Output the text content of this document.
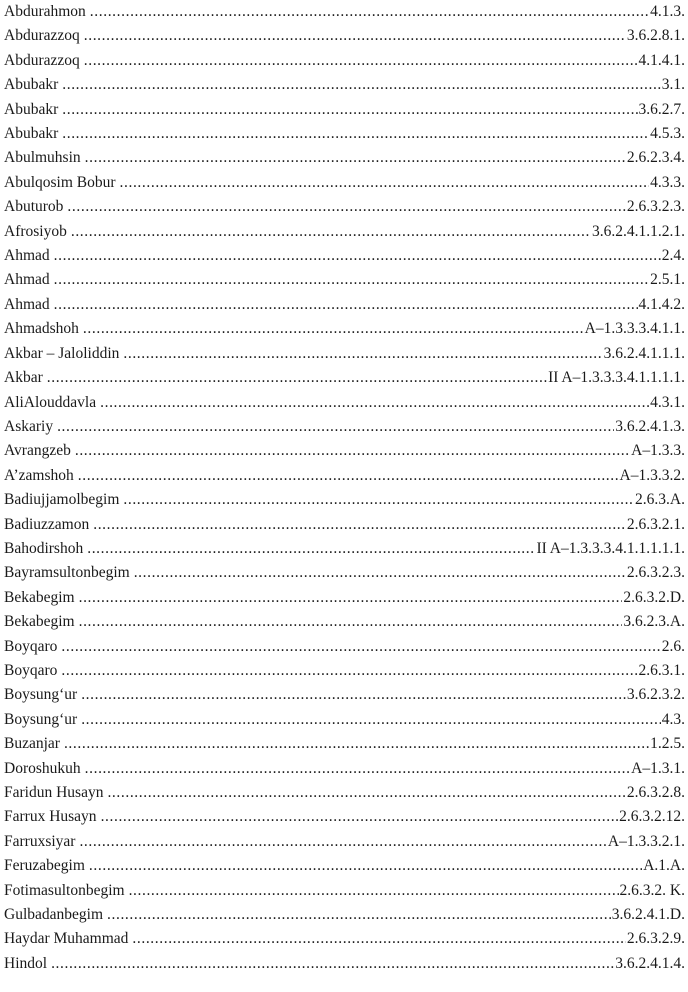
Abdurahmon .....	4.1.3.
Abdurazzoq .....	3.6.2.8.1.
Abdurazzoq .....	4.1.4.1.
Abubakr .....	3.1.
Abubakr .....	3.6.2.7.
Abubakr .....	4.5.3.
Abulmuhsin .....	2.6.2.3.4.
Abulqosim Bobur .....	4.3.3.
Abuturob .....	2.6.3.2.3.
Afrosiyob .....	3.6.2.4.1.1.2.1.
Ahmad .....	2.4.
Ahmad .....	2.5.1.
Ahmad .....	4.1.4.2.
Ahmadshoh .....	A–1.3.3.3.4.1.1.
Akbar – Jaloliddin .....	3.6.2.4.1.1.1.
Akbar .....	II A–1.3.3.3.4.1.1.1.1.
AliAlouddavla .....	4.3.1.
Askariy .....	3.6.2.4.1.3.
Avrangzeb .....	A–1.3.3.
A’zamshoh .....	A–1.3.3.2.
Badiujjamolbegim .....	2.6.3.A.
Badiuzzamon .....	2.6.3.2.1.
Bahodirshoh .....	II A–1.3.3.3.4.1.1.1.1.1.
Bayramsultonbegim .....	2.6.3.2.3.
Bekabegim .....	2.6.3.2.D.
Bekabegim .....	3.6.2.3.A.
Boyqaro .....	2.6.
Boyqaro .....	2.6.3.1.
Boysung‘ur .....	3.6.2.3.2.
Boysung‘ur .....	4.3.
Buzanjar .....	1.2.5.
Doroshukuh .....	A–1.3.1.
Faridun Husayn .....	2.6.3.2.8.
Farrux Husayn .....	2.6.3.2.12.
Farruxsiyar .....	A–1.3.3.2.1.
Feruzabegim .....	A.1.A.
Fotimasultonbegim .....	2.6.3.2. K.
Gulbadanbegim .....	3.6.2.4.1.D.
Haydar Muhammad .....	2.6.3.2.9.
Hindol .....	3.6.2.4.1.4.
